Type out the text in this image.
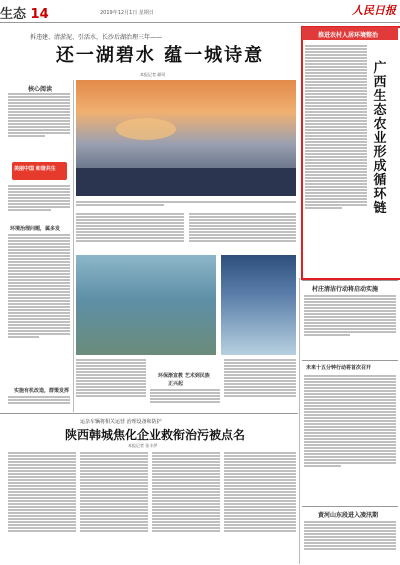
生态 14	2019年12月1日 星期日	人民日报
拆违建、清淤泥、引活水，长沙后湖治理三年——
还一湖碧水 蕴一城诗意
本报记者 颜珂
核心阅读
美丽中国 和谐共生
环境治理问题，属多发
实施有机改造，群策发挥
环保渐宣教 艺术到民族
正兴起
推进农村人居环境整治
广西生态农业形成循环链
村庄清洁行动将启动实施
未来十五分钟行动将首次召开
黄河山东段进入凌汛期
运杂车辆将相关运营 治理设备和防护
陕西韩城焦化企业救衔治污被点名
本报记者 张丰伊
